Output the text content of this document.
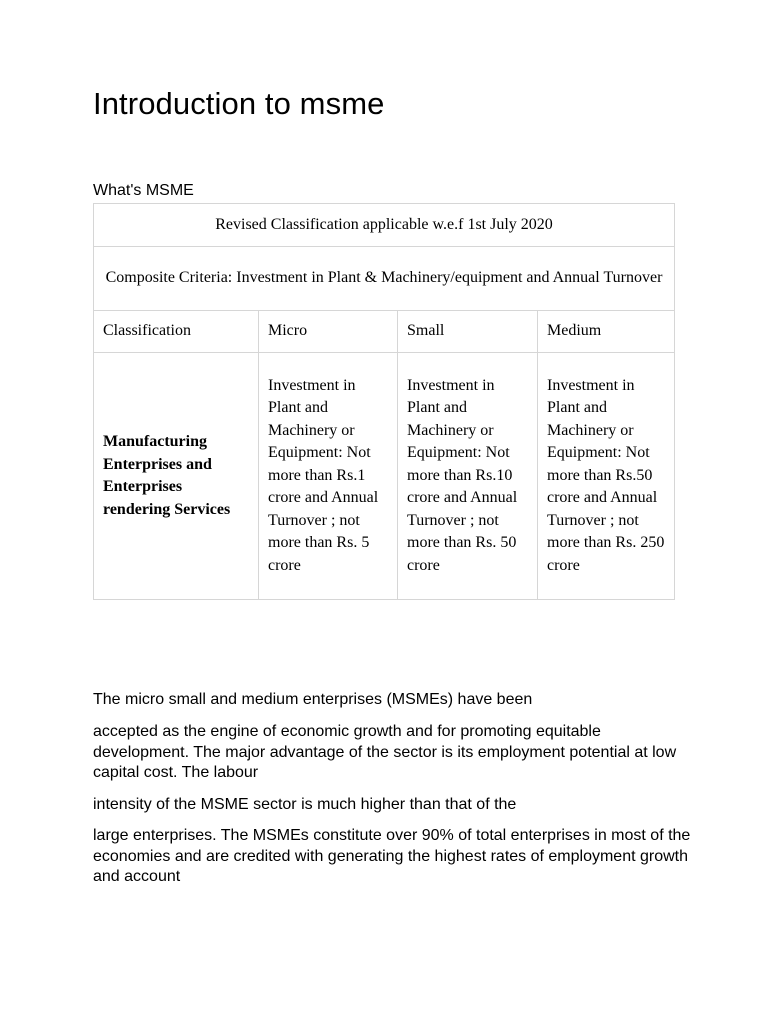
Introduction to msme
What's MSME
Revised Classification applicable w.e.f 1st July 2020			
Composite Criteria: Investment in Plant & Machinery/equipment and Annual Turnover			
Classification	Micro	Small	Medium
Manufacturing Enterprises and Enterprises rendering Services	Investment in Plant and Machinery or Equipment: Not more than Rs.1 crore and Annual Turnover ; not more than Rs. 5 crore	Investment in Plant and Machinery or Equipment: Not more than Rs.10 crore and Annual Turnover ; not more than Rs. 50 crore	Investment in Plant and Machinery or Equipment: Not more than Rs.50 crore and Annual Turnover ; not more than Rs. 250 crore

The micro small and medium enterprises (MSMEs) have been

accepted as the engine of economic growth and for promoting equitable development. The major advantage of the sector is its employment potential at low capital cost. The labour

intensity of the MSME sector is much higher than that of the

large enterprises. The MSMEs constitute over 90% of total enterprises in most of the economies and are credited with generating the highest rates of employment growth and account
